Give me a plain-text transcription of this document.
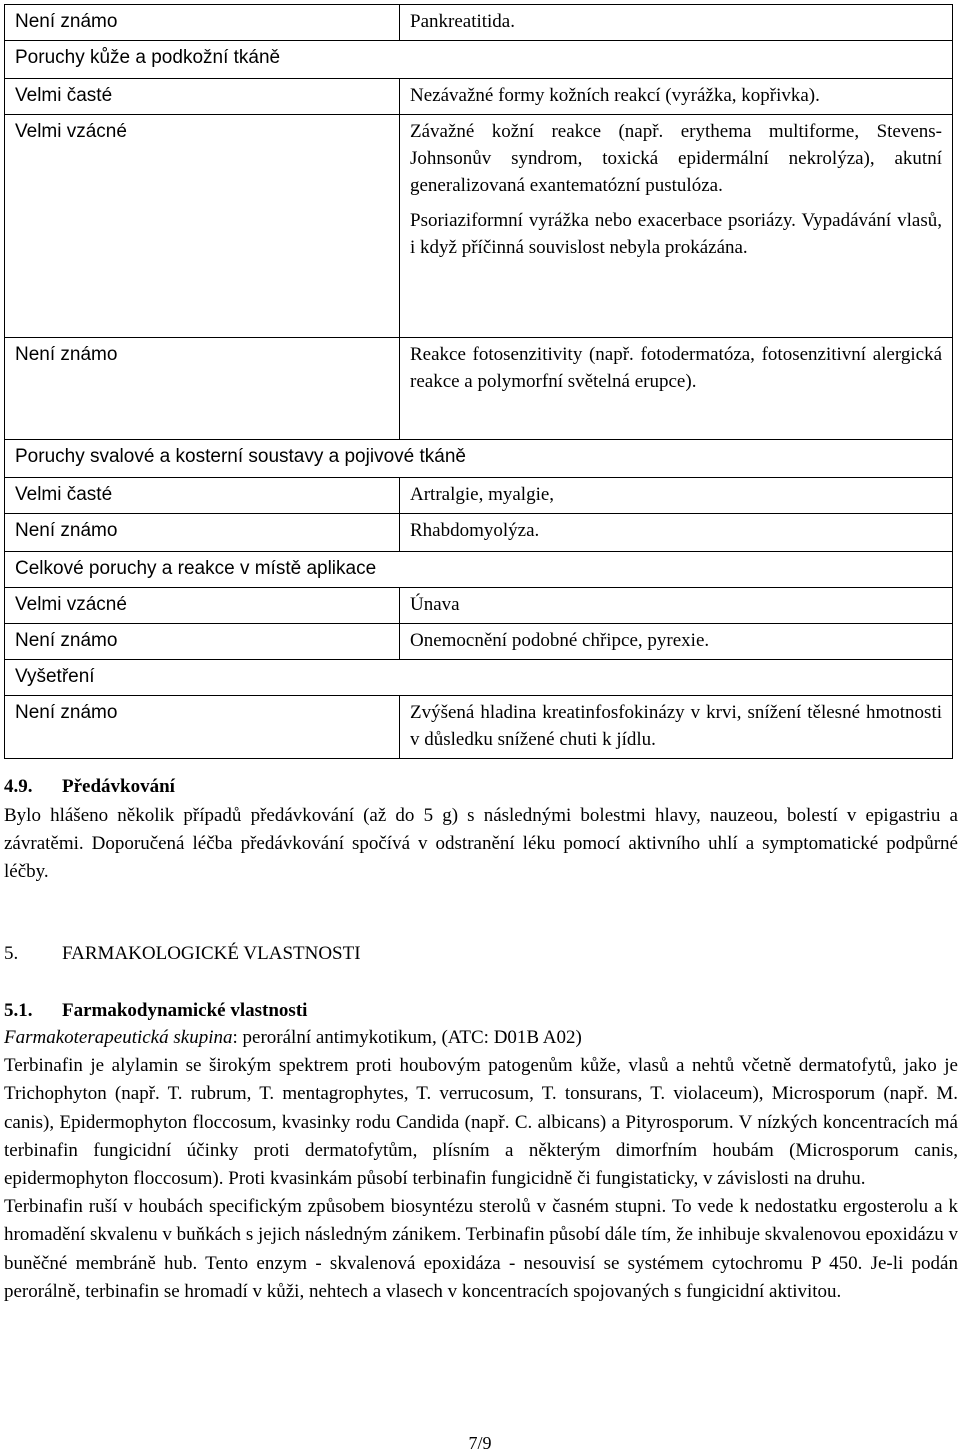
Není známo	Pankreatitida.
Poruchy kůže a podkožní tkáně	
Velmi časté	Nezávažné formy kožních reakcí (vyrážka, kopřivka).
Velmi vzácné	Závažné kožní reakce (např. erythema multiforme, Stevens-Johnsonův syndrom, toxická epidermální nekrolýza), akutní generalizovaná exantematózní pustulóza.

Psoriaziformní vyrážka nebo exacerbace psoriázy. Vypadávání vlasů, i když příčinná souvislost nebyla prokázána.

Není známo	Reakce fotosenzitivity (např. fotodermatóza, fotosenzitivní alergická reakce a polymorfní světelná erupce).
Poruchy svalové a kosterní soustavy a pojivové tkáně	
Velmi časté	Artralgie, myalgie,
Není známo	Rhabdomyolýza.
Celkové poruchy a reakce v místě aplikace	
Velmi vzácné	Únava
Není známo	Onemocnění podobné chřipce, pyrexie.
Vyšetření	
Není známo	Zvýšená hladina kreatinfosfokinázy v krvi, snížení tělesné hmotnosti v důsledku snížené chuti k jídlu.
4.9. Předávkování

Bylo hlášeno několik případů předávkování (až do 5 g) s následnými bolestmi hlavy, nauzeou, bolestí v epigastriu a závratěmi. Doporučená léčba předávkování spočívá v odstranění léku pomocí aktivního uhlí a symptomatické podpůrné léčby.

5. FARMAKOLOGICKÉ VLASTNOSTI
5.1. Farmakodynamické vlastnosti

Farmakoterapeutická skupina: perorální antimykotikum, (ATC: D01B A02)

Terbinafin je alylamin se širokým spektrem proti houbovým patogenům kůže, vlasů a nehtů včetně dermatofytů, jako je Trichophyton (např. T. rubrum, T. mentagrophytes, T. verrucosum, T. tonsurans, T. violaceum), Microsporum (např. M. canis), Epidermophyton floccosum, kvasinky rodu Candida (např. C. albicans) a Pityrosporum. V nízkých koncentracích má terbinafin fungicidní účinky proti dermatofytům, plísním a některým dimorfním houbám (Microsporum canis, epidermophyton floccosum). Proti kvasinkám působí terbinafin fungicidně či fungistaticky, v závislosti na druhu.

Terbinafin ruší v houbách specifickým způsobem biosyntézu sterolů v časném stupni. To vede k nedostatku ergosterolu a k hromadění skvalenu v buňkách s jejich následným zánikem. Terbinafin působí dále tím, že inhibuje skvalenovou epoxidázu v buněčné membráně hub. Tento enzym - skvalenová epoxidáza - nesouvisí se systémem cytochromu P 450. Je-li podán perorálně, terbinafin se hromadí v kůži, nehtech a vlasech v koncentracích spojovaných s fungicidní aktivitou.

7/9
